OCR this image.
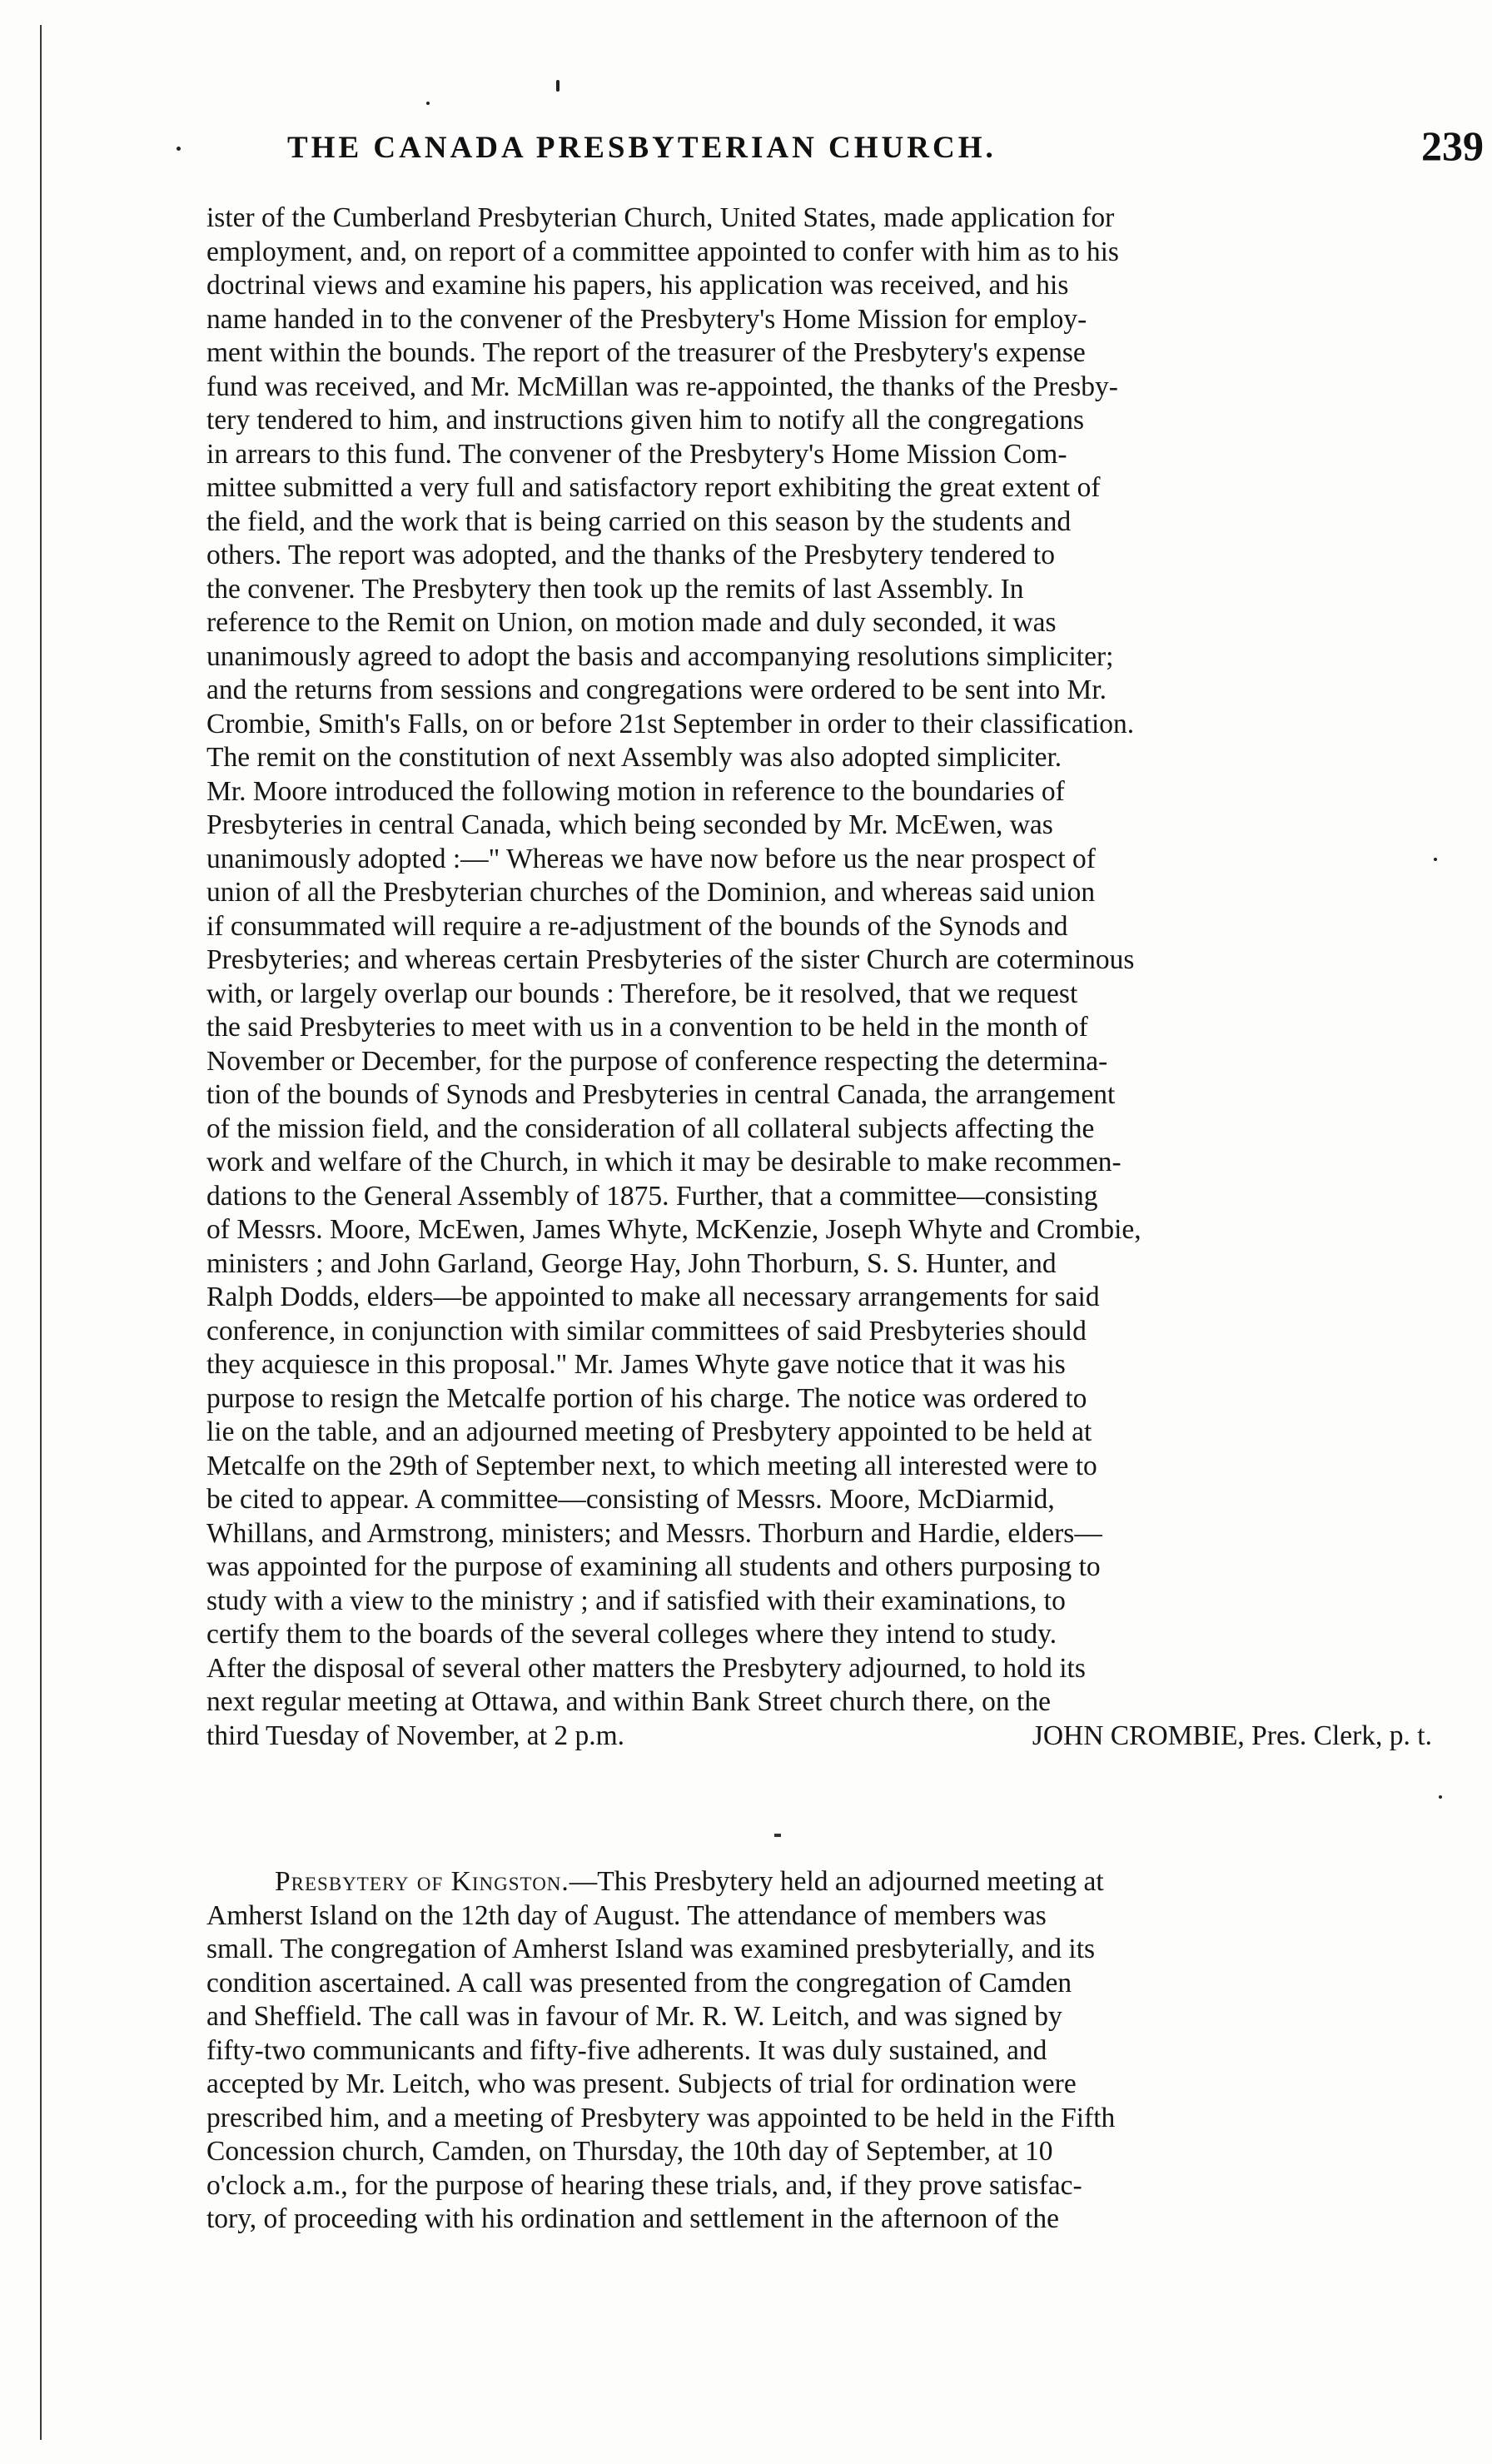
THE CANADA PRESBYTERIAN CHURCH.	239

ister of the Cumberland Presbyterian Church, United States, made application for
employment, and, on report of a committee appointed to confer with him as to his
doctrinal views and examine his papers, his application was received, and his
name handed in to the convener of the Presbytery's Home Mission for employ-
ment within the bounds. The report of the treasurer of the Presbytery's expense
fund was received, and Mr. McMillan was re-appointed, the thanks of the Presby-
tery tendered to him, and instructions given him to notify all the congregations
in arrears to this fund. The convener of the Presbytery's Home Mission Com-
mittee submitted a very full and satisfactory report exhibiting the great extent of
the field, and the work that is being carried on this season by the students and
others. The report was adopted, and the thanks of the Presbytery tendered to
the convener. The Presbytery then took up the remits of last Assembly. In
reference to the Remit on Union, on motion made and duly seconded, it was
unanimously agreed to adopt the basis and accompanying resolutions simpliciter;
and the returns from sessions and congregations were ordered to be sent into Mr.
Crombie, Smith's Falls, on or before 21st September in order to their classification.
The remit on the constitution of next Assembly was also adopted simpliciter.
Mr. Moore introduced the following motion in reference to the boundaries of
Presbyteries in central Canada, which being seconded by Mr. McEwen, was
unanimously adopted :—" Whereas we have now before us the near prospect of
union of all the Presbyterian churches of the Dominion, and whereas said union
if consummated will require a re-adjustment of the bounds of the Synods and
Presbyteries; and whereas certain Presbyteries of the sister Church are coterminous
with, or largely overlap our bounds : Therefore, be it resolved, that we request
the said Presbyteries to meet with us in a convention to be held in the month of
November or December, for the purpose of conference respecting the determina-
tion of the bounds of Synods and Presbyteries in central Canada, the arrangement
of the mission field, and the consideration of all collateral subjects affecting the
work and welfare of the Church, in which it may be desirable to make recommen-
dations to the General Assembly of 1875. Further, that a committee—consisting
of Messrs. Moore, McEwen, James Whyte, McKenzie, Joseph Whyte and Crombie,
ministers ; and John Garland, George Hay, John Thorburn, S. S. Hunter, and
Ralph Dodds, elders—be appointed to make all necessary arrangements for said
conference, in conjunction with similar committees of said Presbyteries should
they acquiesce in this proposal." Mr. James Whyte gave notice that it was his
purpose to resign the Metcalfe portion of his charge. The notice was ordered to
lie on the table, and an adjourned meeting of Presbytery appointed to be held at
Metcalfe on the 29th of September next, to which meeting all interested were to
be cited to appear. A committee—consisting of Messrs. Moore, McDiarmid,
Whillans, and Armstrong, ministers; and Messrs. Thorburn and Hardie, elders—
was appointed for the purpose of examining all students and others purposing to
study with a view to the ministry ; and if satisfied with their examinations, to
certify them to the boards of the several colleges where they intend to study.
After the disposal of several other matters the Presbytery adjourned, to hold its
next regular meeting at Ottawa, and within Bank Street church there, on the

third Tuesday of November, at 2 p.m.	JOHN CROMBIE, Pres. Clerk, p. t.
Presbytery of Kingston.—This Presbytery held an adjourned meeting at

Amherst Island on the 12th day of August. The attendance of members was
small. The congregation of Amherst Island was examined presbyterially, and its
condition ascertained. A call was presented from the congregation of Camden
and Sheffield. The call was in favour of Mr. R. W. Leitch, and was signed by
fifty-two communicants and fifty-five adherents. It was duly sustained, and
accepted by Mr. Leitch, who was present. Subjects of trial for ordination were
prescribed him, and a meeting of Presbytery was appointed to be held in the Fifth
Concession church, Camden, on Thursday, the 10th day of September, at 10
o'clock a.m., for the purpose of hearing these trials, and, if they prove satisfac-
tory, of proceeding with his ordination and settlement in the afternoon of the
